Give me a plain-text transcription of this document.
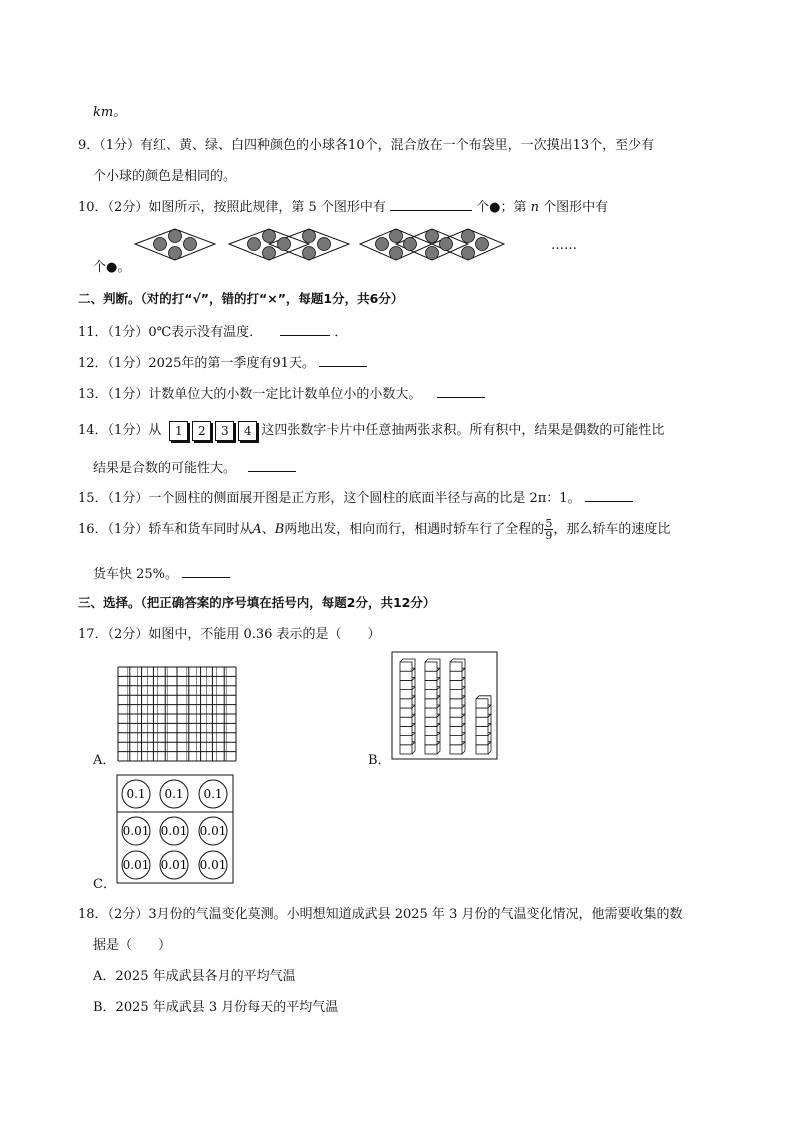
km。
9．（1分）有红、黄、绿、白四种颜色的小球各10个，混合放在一个布袋里，一次摸出13个，至少有
个小球的颜色是相同的。
10．（2分）如图所示，按照此规律，第 5 个图形中有	个●；第 n 个图形中有
个●。
……
二、判断。（对的打“√”，错的打“×”，每题1分，共6分）
11．（1分）0℃表示没有温度．	．
12．（1分）2025年的第一季度有91天。
13．（1分）计数单位大的小数一定比计数单位小的小数大。
14．（1分）从 1 2 3 4 这四张数字卡片中任意抽两张求积。所有积中，结果是偶数的可能性比
结果是合数的可能性大。
15．（1分）一个圆柱的侧面展开图是正方形，这个圆柱的底面半径与高的比是 2π：1。
16．（1分）轿车和货车同时从A、B两地出发，相向而行，相遇时轿车行了全程的 $\frac{5}{9}$ ，那么轿车的速度比
货车快 25%。
三、选择。（把正确答案的序号填在括号内，每题2分，共12分）
17．（2分）如图中，不能用 0.36 表示的是（　　）
A．	B．
C．
0.1 0.1 0.1
0.01 0.01 0.01
0.01 0.01 0.01
18．（2分）3月份的气温变化莫测。小明想知道成武县 2025 年 3 月份的气温变化情况，他需要收集的数
据是（　　）
A．2025 年成武县各月的平均气温
B．2025 年成武县 3 月份每天的平均气温
